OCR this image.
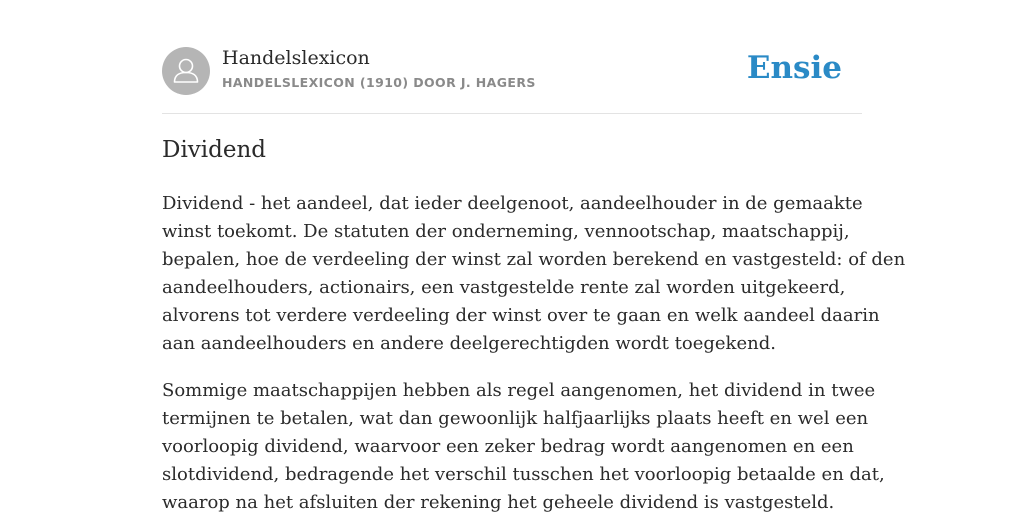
Handelslexicon
HANDELSLEXICON (1910) DOOR J. HAGERS	Ensie
Dividend

Dividend - het aandeel, dat ieder deelgenoot, aandeelhouder in de gemaakte
winst toekomt. De statuten der onderneming, vennootschap, maatschappij,
bepalen, hoe de verdeeling der winst zal worden berekend en vastgesteld: of den
aandeelhouders, actionairs, een vastgestelde rente zal worden uitgekeerd,
alvorens tot verdere verdeeling der winst over te gaan en welk aandeel daarin
aan aandeelhouders en andere deelgerechtigden wordt toegekend.

Sommige maatschappijen hebben als regel aangenomen, het dividend in twee
termijnen te betalen, wat dan gewoonlijk halfjaarlijks plaats heeft en wel een
voorloopig dividend, waarvoor een zeker bedrag wordt aangenomen en een
slotdividend, bedragende het verschil tusschen het voorloopig betaalde en dat,
waarop na het afsluiten der rekening het geheele dividend is vastgesteld.
